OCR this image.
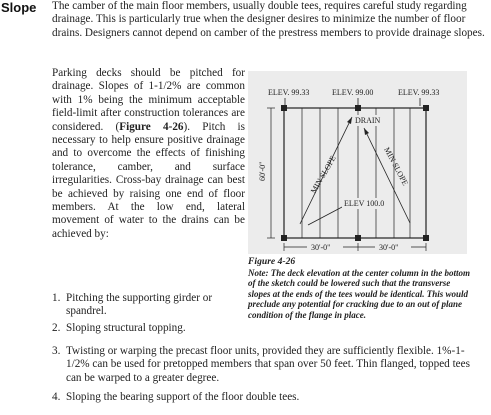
Slope The camber of the main floor members, usually double tees, requires careful study regarding drainage. This is particularly true when the designer desires to minimize the number of floor drains. Designers cannot depend on camber of the prestress members to provide drainage slopes.

Parking decks should be pitched for drainage. Slopes of 1-1/2% are common with 1% being the minimum acceptable field-limit after construction tolerances are considered. (Figure 4-26). Pitch is necessary to help ensure positive drainage and to overcome the effects of finishing tolerance, camber, and surface irregularities. Cross-bay drainage can best be achieved by raising one end of floor members. At the low end, lateral movement of water to the drains can be achieved by:

ELEV. 99.33	ELEV. 99.00	ELEV. 99.33
DRAIN
MIN SLOPE	MIN SLOPE
ELEV 100.0
60'-0"
30'-0"	30'-0"
Figure 4-26
Note: The deck elevation at the center column in the bottom of the sketch could be lowered such that the transverse slopes at the ends of the tees would be identical. This would preclude any potential for cracking due to an out of plane condition of the flange in place.
1. Pitching the supporting girder or spandrel.
2. Sloping structural topping.
3. Twisting or warping the precast floor units, provided they are sufficiently flexible. 1%-1-1/2% can be used for pretopped members that span over 50 feet. Thin flanged, topped tees can be warped to a greater degree.
4. Sloping the bearing support of the floor double tees.
